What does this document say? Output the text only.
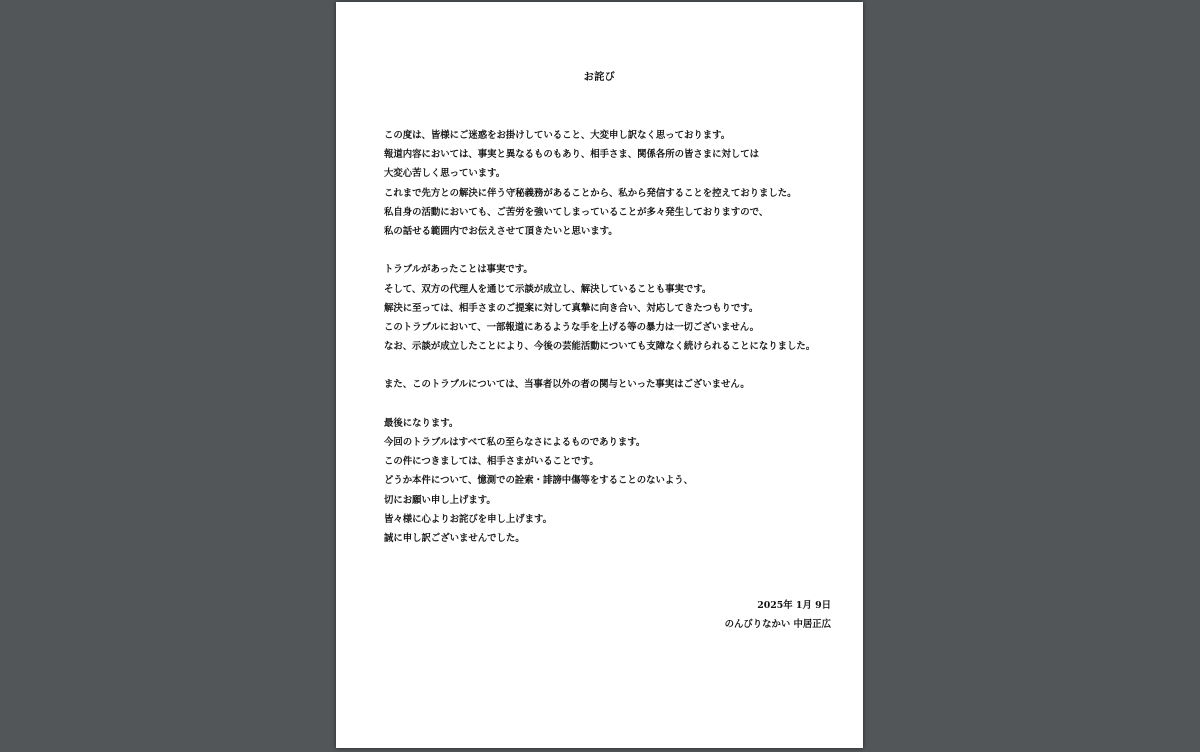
お詫び
この度は、皆様にご迷惑をお掛けしていること、大変申し訳なく思っております。
報道内容においては、事実と異なるものもあり、相手さま、関係各所の皆さまに対しては
大変心苦しく思っています。
これまで先方との解決に伴う守秘義務があることから、私から発信することを控えておりました。
私自身の活動においても、ご苦労を強いてしまっていることが多々発生しておりますので、
私の話せる範囲内でお伝えさせて頂きたいと思います。
トラブルがあったことは事実です。
そして、双方の代理人を通じて示談が成立し、解決していることも事実です。
解決に至っては、相手さまのご提案に対して真摯に向き合い、対応してきたつもりです。
このトラブルにおいて、一部報道にあるような手を上げる等の暴力は一切ございません。
なお、示談が成立したことにより、今後の芸能活動についても支障なく続けられることになりました。
また、このトラブルについては、当事者以外の者の関与といった事実はございません。
最後になります。
今回のトラブルはすべて私の至らなさによるものであります。
この件につきましては、相手さまがいることです。
どうか本件について、憶測での詮索・誹謗中傷等をすることのないよう、
切にお願い申し上げます。
皆々様に心よりお詫びを申し上げます。
誠に申し訳ございませんでした。
2025年 1月 9日
のんびりなかい 中居正広
